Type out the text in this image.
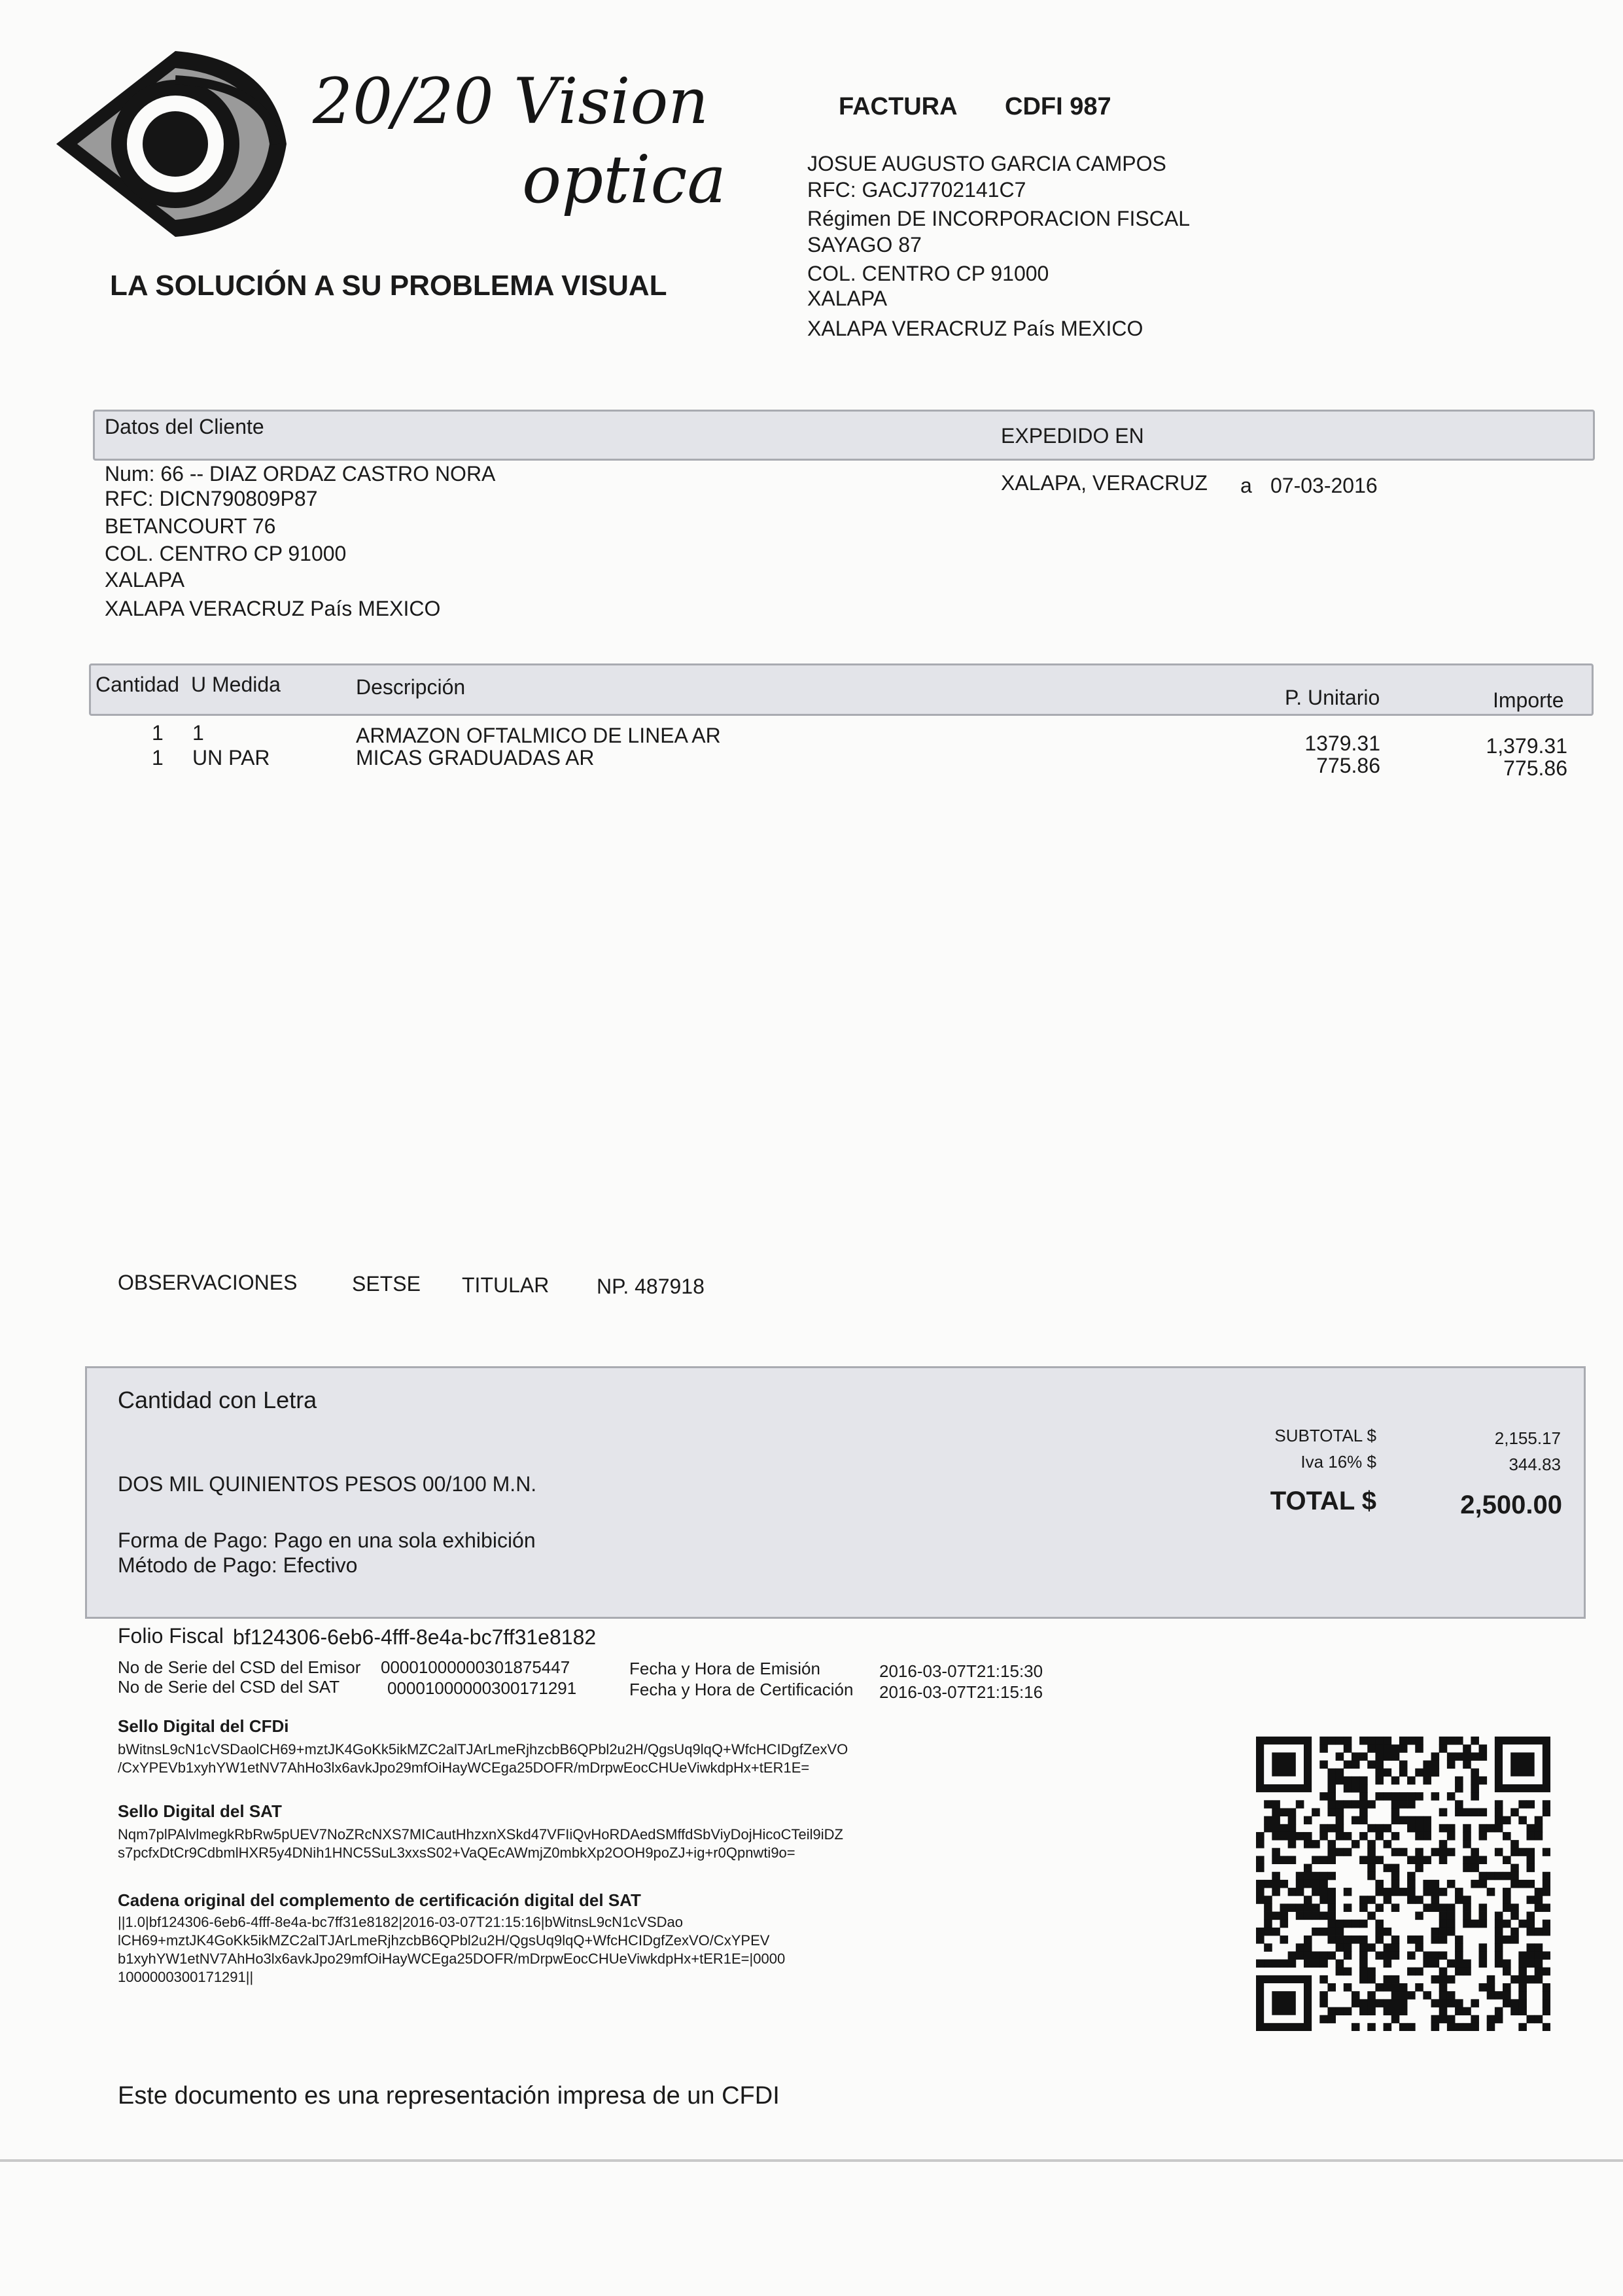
20/20 Vision
optica
LA SOLUCIÓN A SU PROBLEMA VISUAL
FACTURA CDFI 987
JOSUE AUGUSTO GARCIA CAMPOS
RFC: GACJ7702141C7
Régimen DE INCORPORACION FISCAL
SAYAGO 87
COL. CENTRO CP 91000
XALAPA
XALAPA VERACRUZ País MEXICO
Datos del Cliente	EXPEDIDO EN
Num: 66 -- DIAZ ORDAZ CASTRO NORA
RFC: DICN790809P87
BETANCOURT 76
COL. CENTRO CP 91000
XALAPA
XALAPA VERACRUZ País MEXICO
XALAPA, VERACRUZ a 07-03-2016
Cantidad U Medida	Descripción	P. Unitario	Importe
1 1	ARMAZON OFTALMICO DE LINEA AR	1379.31	1,379.31
1 UN PAR	MICAS GRADUADAS AR	775.86	775.86
OBSERVACIONES	SETSE TITULAR NP. 487918
Cantidad con Letra
DOS MIL QUINIENTOS PESOS 00/100 M.N.
Forma de Pago: Pago en una sola exhibición
Método de Pago: Efectivo
SUBTOTAL $	2,155.17
Iva 16% $	344.83
TOTAL $	2,500.00
Folio Fiscal bf124306-6eb6-4fff-8e4a-bc7ff31e8182
No de Serie del CSD del Emisor 00001000000301875447
No de Serie del CSD del SAT	00001000000300171291
Fecha y Hora de Emisión	2016-03-07T21:15:30
Fecha y Hora de Certificación 2016-03-07T21:15:16
Sello Digital del CFDi
bWitnsL9cN1cVSDaolCH69+mztJK4GoKk5ikMZC2alTJArLmeRjhzcbB6QPbl2u2H/QgsUq9lqQ+WfcHCIDgfZexVO
/CxYPEVb1xyhYW1etNV7AhHo3lx6avkJpo29mfOiHayWCEga25DOFR/mDrpwEocCHUeViwkdpHx+tER1E=
Sello Digital del SAT
Nqm7plPAlvlmegkRbRw5pUEV7NoZRcNXS7MICautHhzxnXSkd47VFIiQvHoRDAedSMffdSbViyDojHicoCTeil9iDZ
s7pcfxDtCr9CdbmlHXR5y4DNih1HNC5SuL3xxsS02+VaQEcAWmjZ0mbkXp2OOH9poZJ+ig+r0Qpnwti9o=
Cadena original del complemento de certificación digital del SAT
||1.0|bf124306-6eb6-4fff-8e4a-bc7ff31e8182|2016-03-07T21:15:16|bWitnsL9cN1cVSDao
lCH69+mztJK4GoKk5ikMZC2alTJArLmeRjhzcbB6QPbl2u2H/QgsUq9lqQ+WfcHCIDgfZexVO/CxYPEV
b1xyhYW1etNV7AhHo3lx6avkJpo29mfOiHayWCEga25DOFR/mDrpwEocCHUeViwkdpHx+tER1E=|0000
1000000300171291||
Este documento es una representación impresa de un CFDI
